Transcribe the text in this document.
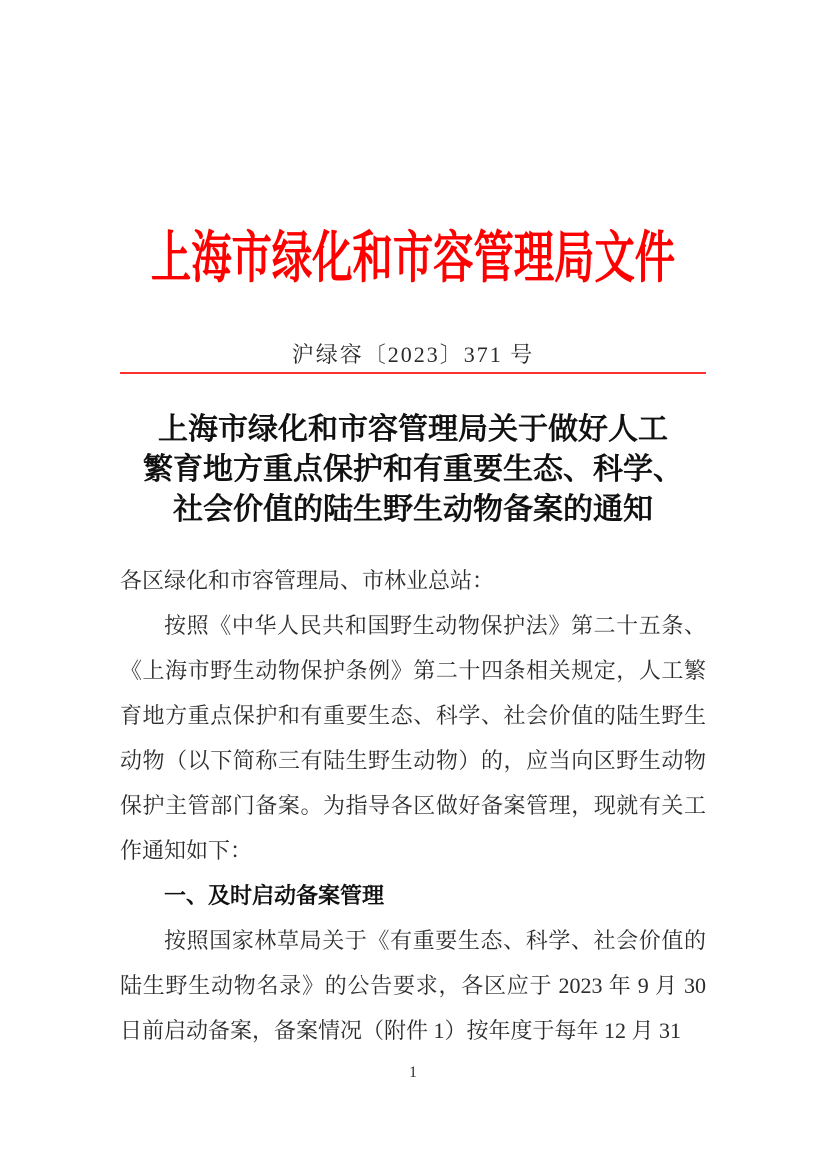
上海市绿化和市容管理局文件
沪绿容〔2023〕371 号
上海市绿化和市容管理局关于做好人工
繁育地方重点保护和有重要生态、科学、
社会价值的陆生野生动物备案的通知
各区绿化和市容管理局、市林业总站：

按照《中华人民共和国野生动物保护法》第二十五条、《上海市野生动物保护条例》第二十四条相关规定，人工繁育地方重点保护和有重要生态、科学、社会价值的陆生野生动物（以下简称三有陆生野生动物）的，应当向区野生动物保护主管部门备案。为指导各区做好备案管理，现就有关工作通知如下：

一、及时启动备案管理

按照国家林草局关于《有重要生态、科学、社会价值的陆生野生动物名录》的公告要求，各区应于 2023 年 9 月 30 日前启动备案，备案情况（附件 1）按年度于每年 12 月 31

1
